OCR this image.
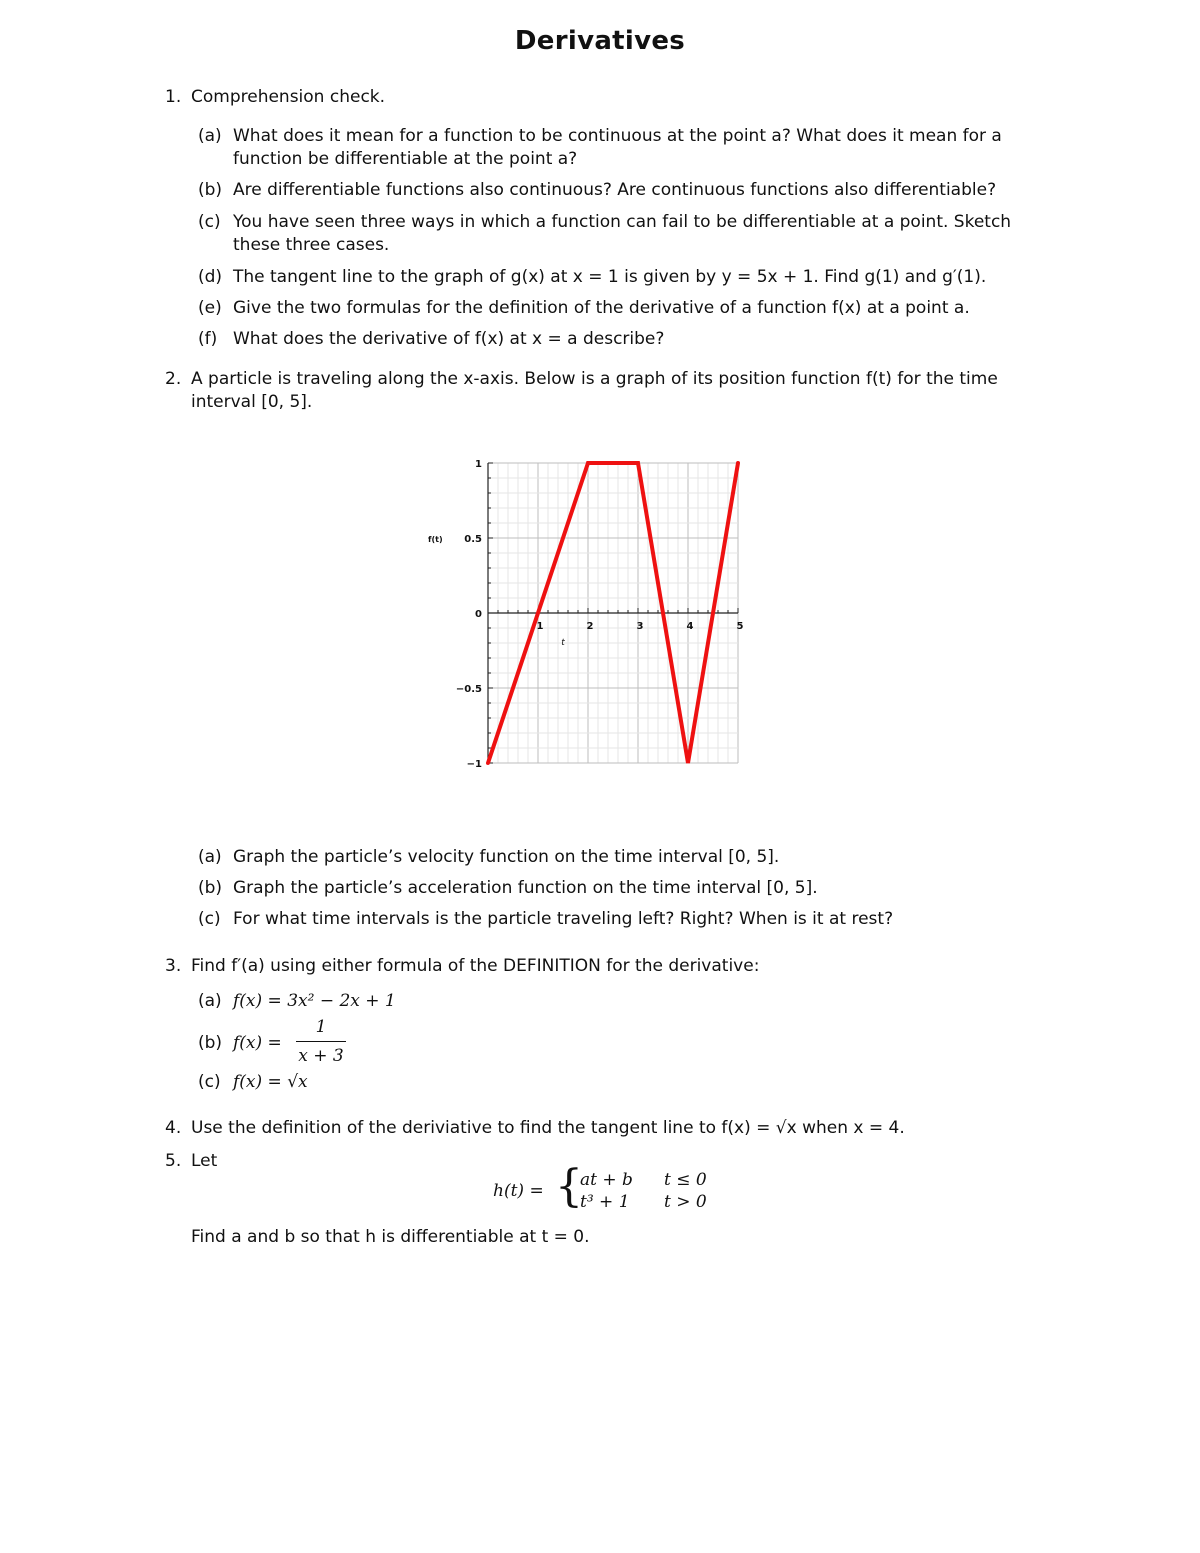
Derivatives
1. Comprehension check.
(a) What does it mean for a function to be continuous at the point a? What does it mean for a
function be differentiable at the point a?
(b) Are differentiable functions also continuous? Are continuous functions also differentiable?
(c) You have seen three ways in which a function can fail to be differentiable at a point. Sketch
these three cases.
(d) The tangent line to the graph of g(x) at x = 1 is given by y = 5x + 1. Find g(1) and g′(1).
(e) Give the two formulas for the definition of the derivative of a function f(x) at a point a.
(f) What does the derivative of f(x) at x = a describe?
2. A particle is traveling along the x-axis. Below is a graph of its position function f(t) for the time
interval [0, 5].
1	2	3	4	5
1
0.5
0
−0.5
−1
t
f(t)
(a) Graph the particle’s velocity function on the time interval [0, 5].
(b) Graph the particle’s acceleration function on the time interval [0, 5].
(c) For what time intervals is the particle traveling left? Right? When is it at rest?
3. Find f′(a) using either formula of the DEFINITION for the derivative:
(a) f(x) = 3x² − 2x + 1
(b) f(x) =
1
x + 3
(c) f(x) = √x
4. Use the definition of the deriviative to find the tangent line to f(x) = √x when x = 4.
5. Let
h(t) = {
at + b t ≤ 0
t³ + 1 t > 0
Find a and b so that h is differentiable at t = 0.
